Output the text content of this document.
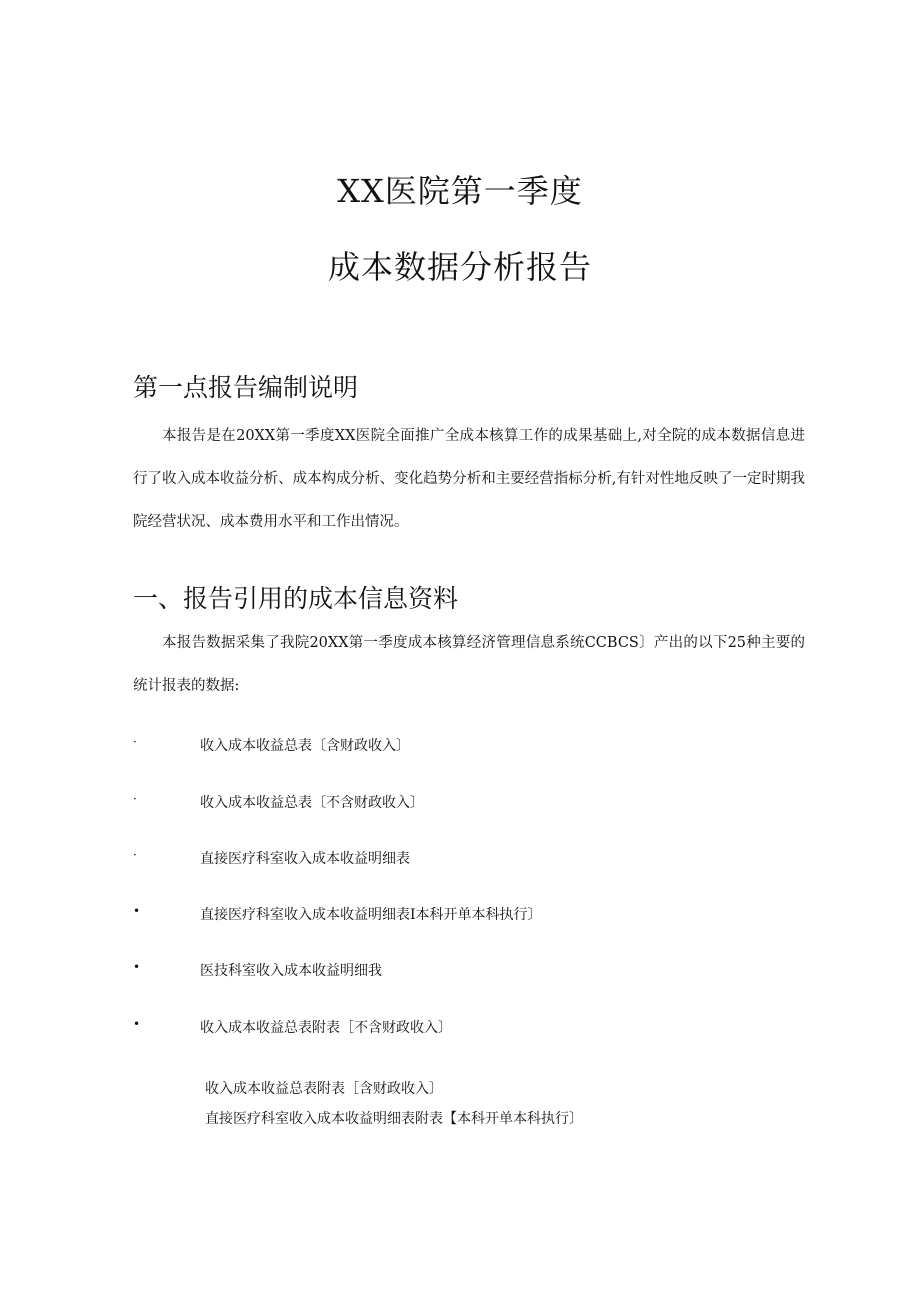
XX医院第一季度
成本数据分析报告
第一点报告编制说明
本报告是在20XX第一季度XX医院全面推广全成本核算工作的成果基础上,对全院的成本数据信息进行了收入成本收益分析、成本构成分析、变化趋势分析和主要经营指标分析,有针对性地反映了一定时期我院经营状况、成本费用水平和工作出情况。
一、报告引用的成本信息资料
本报告数据采集了我院20XX第一季度成本核算经济管理信息系统CCBCS〕产出的以下25种主要的统计报表的数据:
·	收入成本收益总表〔含财政收入〕
·	收入成本收益总表〔不含财政收入〕
·	直接医疗科室收入成本收益明细表
•	直接医疗科室收入成本收益明细表I本科开单本科执行〕
•	医技科室收入成本收益明细我
•	收入成本收益总表附表［不含财政收入〕
收入成本收益总表附表［含财政收入〕
直接医疗科室收入成本收益明细表附表【本科开单本科执行〕
